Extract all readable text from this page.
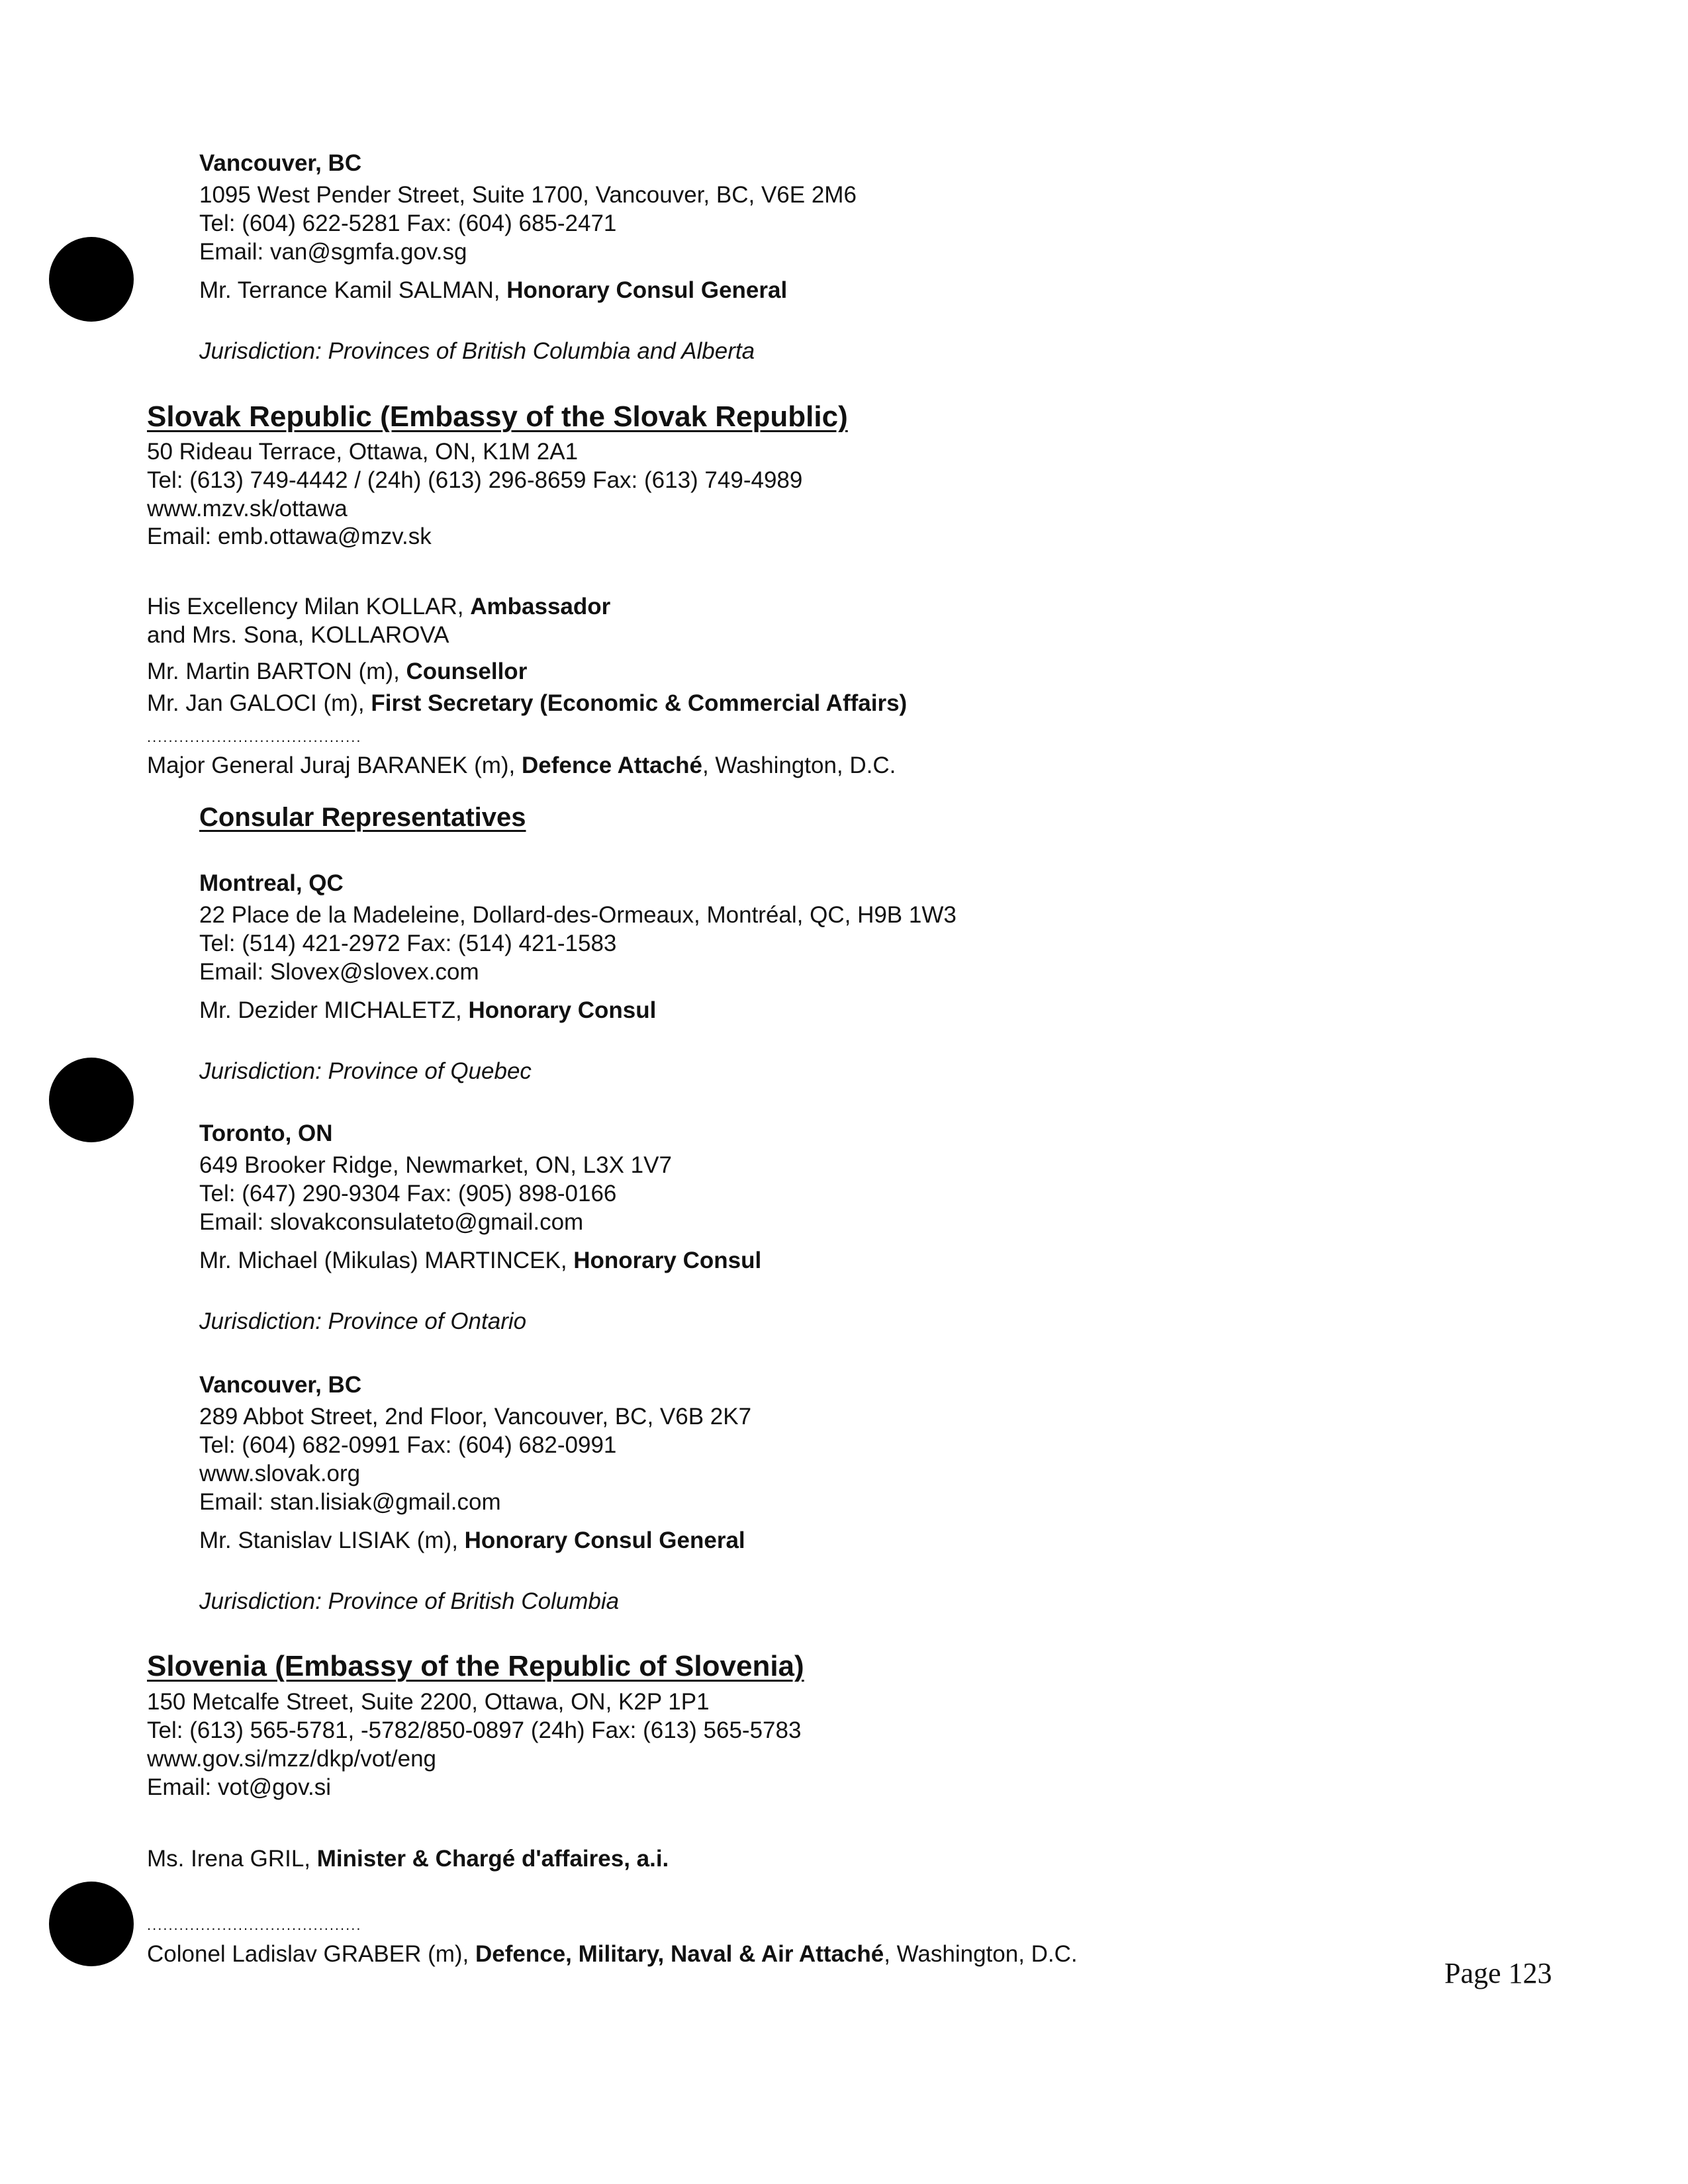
Vancouver, BC
1095 West Pender Street, Suite 1700, Vancouver, BC, V6E 2M6
Tel: (604) 622-5281 Fax: (604) 685-2471
Email: van@sgmfa.gov.sg
Mr. Terrance Kamil SALMAN, Honorary Consul General
Jurisdiction: Provinces of British Columbia and Alberta
Slovak Republic (Embassy of the Slovak Republic)
50 Rideau Terrace, Ottawa, ON, K1M 2A1
Tel: (613) 749-4442 / (24h) (613) 296-8659 Fax: (613) 749-4989
www.mzv.sk/ottawa
Email: emb.ottawa@mzv.sk
His Excellency Milan KOLLAR, Ambassador
and Mrs. Sona, KOLLAROVA
Mr. Martin BARTON (m), Counsellor
Mr. Jan GALOCI (m), First Secretary (Economic & Commercial Affairs)
........................................
Major General Juraj BARANEK (m), Defence Attaché, Washington, D.C.
Consular Representatives
Montreal, QC
22 Place de la Madeleine, Dollard-des-Ormeaux, Montréal, QC, H9B 1W3
Tel: (514) 421-2972 Fax: (514) 421-1583
Email: Slovex@slovex.com
Mr. Dezider MICHALETZ, Honorary Consul
Jurisdiction: Province of Quebec
Toronto, ON
649 Brooker Ridge, Newmarket, ON, L3X 1V7
Tel: (647) 290-9304 Fax: (905) 898-0166
Email: slovakconsulateto@gmail.com
Mr. Michael (Mikulas) MARTINCEK, Honorary Consul
Jurisdiction: Province of Ontario
Vancouver, BC
289 Abbot Street, 2nd Floor, Vancouver, BC, V6B 2K7
Tel: (604) 682-0991 Fax: (604) 682-0991
www.slovak.org
Email: stan.lisiak@gmail.com
Mr. Stanislav LISIAK (m), Honorary Consul General
Jurisdiction: Province of British Columbia
Slovenia (Embassy of the Republic of Slovenia)
150 Metcalfe Street, Suite 2200, Ottawa, ON, K2P 1P1
Tel: (613) 565-5781, -5782/850-0897 (24h) Fax: (613) 565-5783
www.gov.si/mzz/dkp/vot/eng
Email: vot@gov.si
Ms. Irena GRIL, Minister & Chargé d'affaires, a.i.
........................................
Colonel Ladislav GRABER (m), Defence, Military, Naval & Air Attaché, Washington, D.C.
Page 123
